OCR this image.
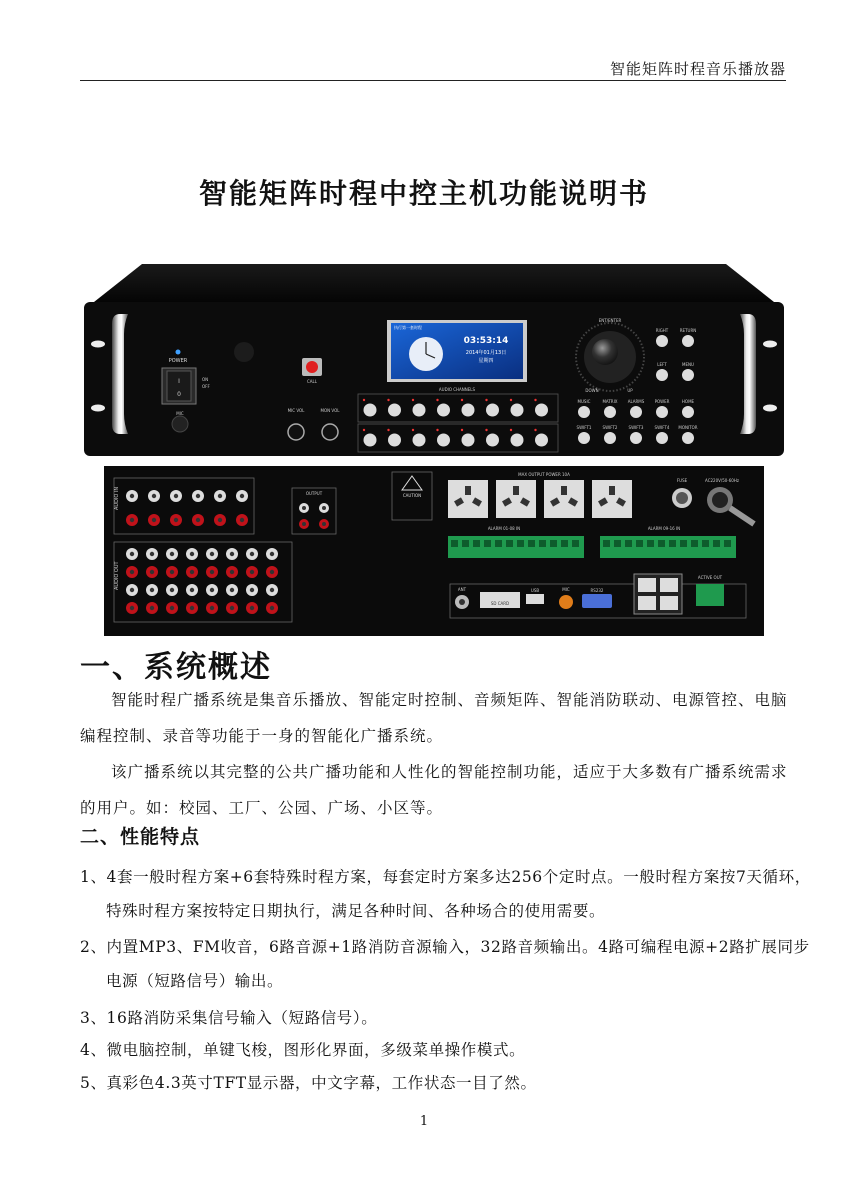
智能矩阵时程音乐播放器
智能矩阵时程中控主机功能说明书
POWER
I
0
ON
OFF
MIC
CALL
MIC VOL	MON VOL
执行第一套时程
03:53:14
2014年01月13日
星期四
AUDIO CHANNELS
ENT/ENTER
DOWN	UP
RIGHT	RETURN
LEFT	MENU
MUSIC	MATRIX	ALARMS	POWER	HOME
SWIFT1	SWIFT2	SWIFT3	SWIFT4 MONITOR
AUDIO IN
AUDIO OUT
OUTPUT	CAUTION
MAX OUTPUT POWER 10A
FUSE	AC220V/50-60Hz
ALARM 01-08 IN	ALARM 09-16 IN
ANT
SD CARD
USB	MIC	RS232
ACTIVE OUT
一、系统概述

智能时程广播系统是集音乐播放、智能定时控制、音频矩阵、智能消防联动、电源管控、电脑编程控制、录音等功能于一身的智能化广播系统。

该广播系统以其完整的公共广播功能和人性化的智能控制功能，适应于大多数有广播系统需求的用户。如：校园、工厂、公园、广场、小区等。

二、性能特点

1、4套一般时程方案+6套特殊时程方案，每套定时方案多达256个定时点。一般时程方案按7天循环，特殊时程方案按特定日期执行，满足各种时间、各种场合的使用需要。

2、内置MP3、FM收音，6路音源+1路消防音源输入，32路音频输出。4路可编程电源+2路扩展同步电源（短路信号）输出。

3、16路消防采集信号输入（短路信号）。

4、微电脑控制，单键飞梭，图形化界面，多级菜单操作模式。

5、真彩色4.3英寸TFT显示器，中文字幕，工作状态一目了然。

1
